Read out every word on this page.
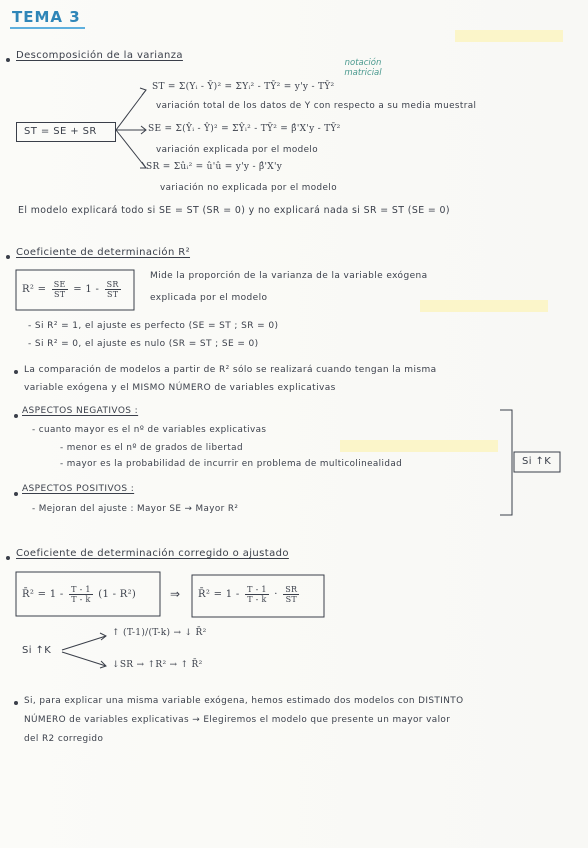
TEMA 3
Descomposición de la varianza
notación matricial
ST = SE + SR
ST = Σ(Yᵢ - Ȳ)² = ΣYᵢ² - TȲ² = y'y - TȲ²
variación total de los datos de Y con respecto a su media muestral
SE = Σ(Ŷᵢ - Ŷ)² = ΣŶᵢ² - TȲ² = β̂'X'y - TȲ²
variación explicada por el modelo
SR = Σûᵢ² = û'û = y'y - β̂'X'y
variación no explicada por el modelo
El modelo explicará todo si SE = ST (SR = 0) y no explicará nada si SR = ST (SE = 0)
Coeficiente de determinación R²
$R^2 = \frac{SE}{ST} = 1 - \frac{SR}{ST}$
Mide la proporción de la varianza de la variable exógena
explicada por el modelo
- Si R² = 1, el ajuste es perfecto (SE = ST ; SR = 0)
- Si R² = 0, el ajuste es nulo (SR = ST ; SE = 0)
La comparación de modelos a partir de R² sólo se realizará cuando tengan la misma
variable exógena y el MISMO NÚMERO de variables explicativas
ASPECTOS NEGATIVOS :
- cuanto mayor es el nº de variables explicativas
- menor es el nº de grados de libertad
- mayor es la probabilidad de incurrir en problema de multicolinealidad
ASPECTOS POSITIVOS :
- Mejoran del ajuste : Mayor SE → Mayor R²
Si ↑K
Coeficiente de determinación corregido o ajustado
R̄² = $1 - \frac{T - 1}{T - k} (1 - R^2)$	⇒ R̄² = $1 - \frac{T - 1}{T - k} \cdot \frac{SR}{ST}$
Si ↑K
↑ (T-1)/(T-k) → ↓ R̄²
↓SR → ↑R² → ↑ R̄²
Si, para explicar una misma variable exógena, hemos estimado dos modelos con DISTINTO
NÚMERO de variables explicativas → Elegiremos el modelo que presente un mayor valor
del R2 corregido
